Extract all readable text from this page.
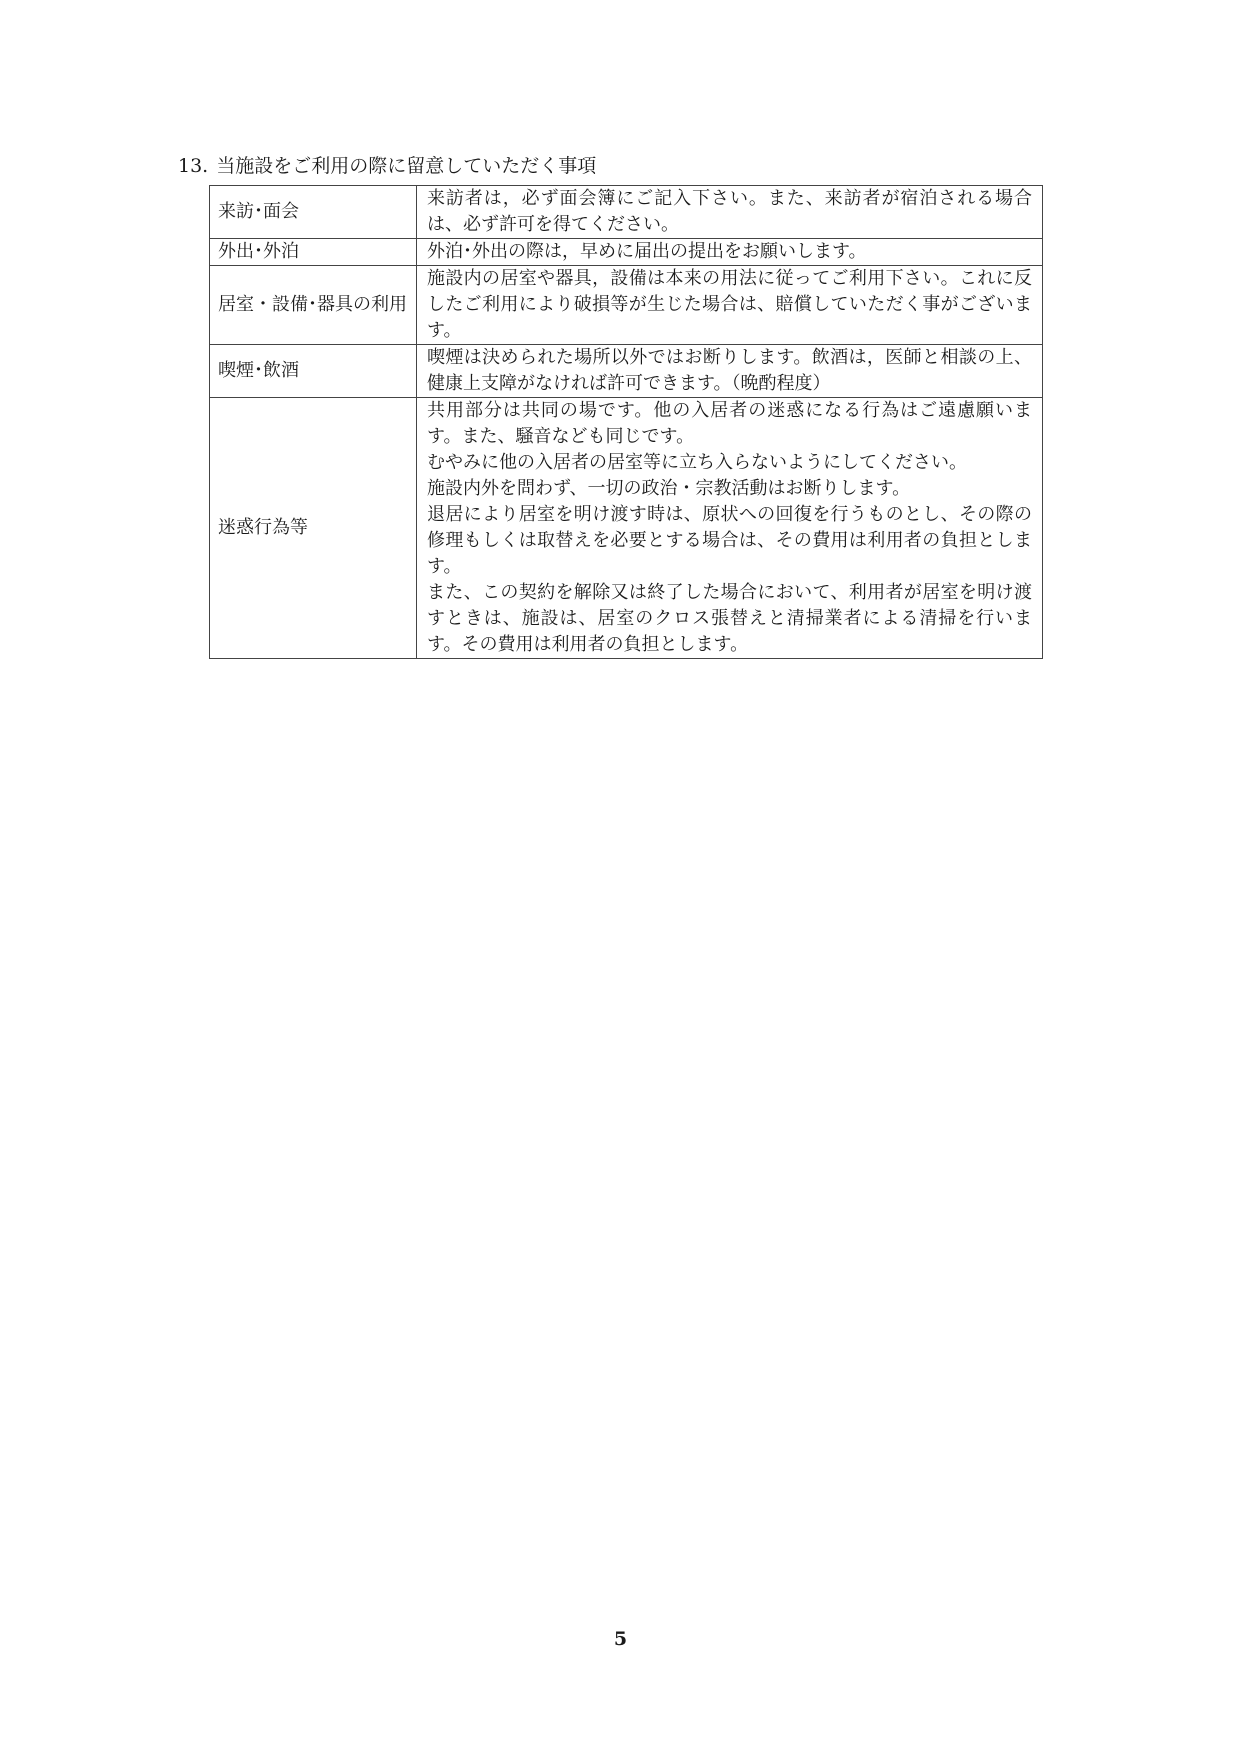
13. 当施設をご利用の際に留意していただく事項
来訪･面会	来訪者は，必ず面会簿にご記入下さい。また、来訪者が宿泊される場合は、必ず許可を得てください。

外出･外泊	外泊･外出の際は，早めに届出の提出をお願いします。

居室・設備･器具の利用	施設内の居室や器具，設備は本来の用法に従ってご利用下さい。これに反したご利用により破損等が生じた場合は、賠償していただく事がございます。

喫煙･飲酒	喫煙は決められた場所以外ではお断りします。飲酒は，医師と相談の上、健康上支障がなければ許可できます。（晩酌程度）

迷惑行為等	共用部分は共同の場です。他の入居者の迷惑になる行為はご遠慮願います。また、騒音なども同じです。
むやみに他の入居者の居室等に立ち入らないようにしてください。
施設内外を問わず、一切の政治・宗教活動はお断りします。
退居により居室を明け渡す時は、原状への回復を行うものとし、その際の修理もしくは取替えを必要とする場合は、その費用は利用者の負担とします。
また、この契約を解除又は終了した場合において、利用者が居室を明け渡すときは、施設は、居室のクロス張替えと清掃業者による清掃を行います。その費用は利用者の負担とします。
5
